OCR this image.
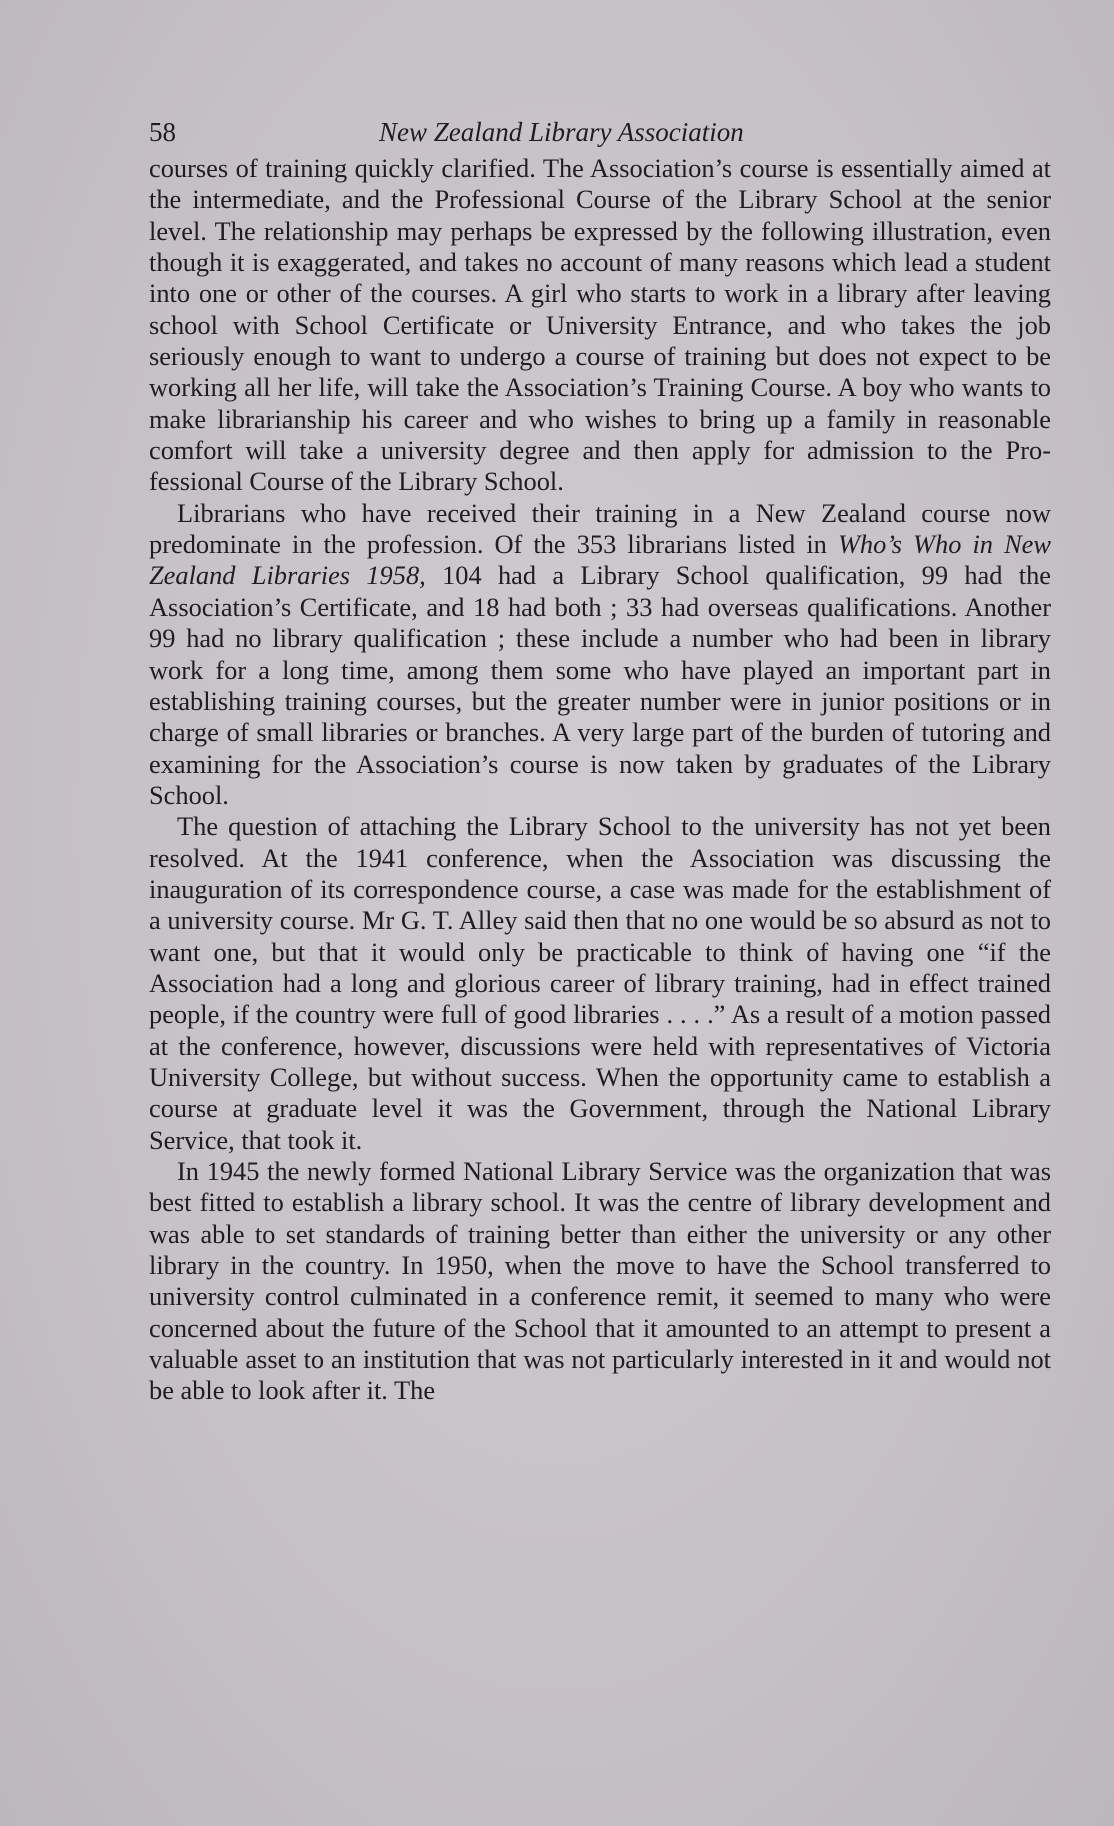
58	New Zealand Library Association

courses of training quickly clarified. The Association’s course is essentially aimed at the intermediate, and the Professional Course of the Library School at the senior level. The relationship may perhaps be expressed by the following illustration, even though it is exaggerated, and takes no account of many reasons which lead a student into one or other of the courses. A girl who starts to work in a library after leaving school with School Certificate or University Entrance, and who takes the job seriously enough to want to undergo a course of training but does not expect to be working all her life, will take the Association’s Training Course. A boy who wants to make librarianship his career and who wishes to bring up a family in reasonable comfort will take a university degree and then apply for admission to the Professional Course of the Library School.

Librarians who have received their training in a New Zealand course now predominate in the profession. Of the 353 librarians listed in Who’s Who in New Zealand Libraries 1958, 104 had a Library School qualification, 99 had the Association’s Certificate, and 18 had both ; 33 had overseas qualifications. Another 99 had no library qualification ; these include a number who had been in library work for a long time, among them some who have played an important part in establishing training courses, but the greater number were in junior positions or in charge of small libraries or branches. A very large part of the burden of tutoring and examining for the Association’s course is now taken by graduates of the Library School.

The question of attaching the Library School to the university has not yet been resolved. At the 1941 conference, when the Association was discussing the inauguration of its correspondence course, a case was made for the establishment of a university course. Mr G. T. Alley said then that no one would be so absurd as not to want one, but that it would only be practicable to think of having one “if the Association had a long and glorious career of library training, had in effect trained people, if the country were full of good libraries . . . .” As a result of a motion passed at the conference, however, discussions were held with representatives of Victoria University College, but without success. When the opportunity came to establish a course at graduate level it was the Government, through the National Library Service, that took it.

In 1945 the newly formed National Library Service was the organization that was best fitted to establish a library school. It was the centre of library development and was able to set standards of training better than either the university or any other library in the country. In 1950, when the move to have the School transferred to university control culminated in a conference remit, it seemed to many who were concerned about the future of the School that it amounted to an attempt to present a valuable asset to an institution that was not particularly interested in it and would not be able to look after it. The
